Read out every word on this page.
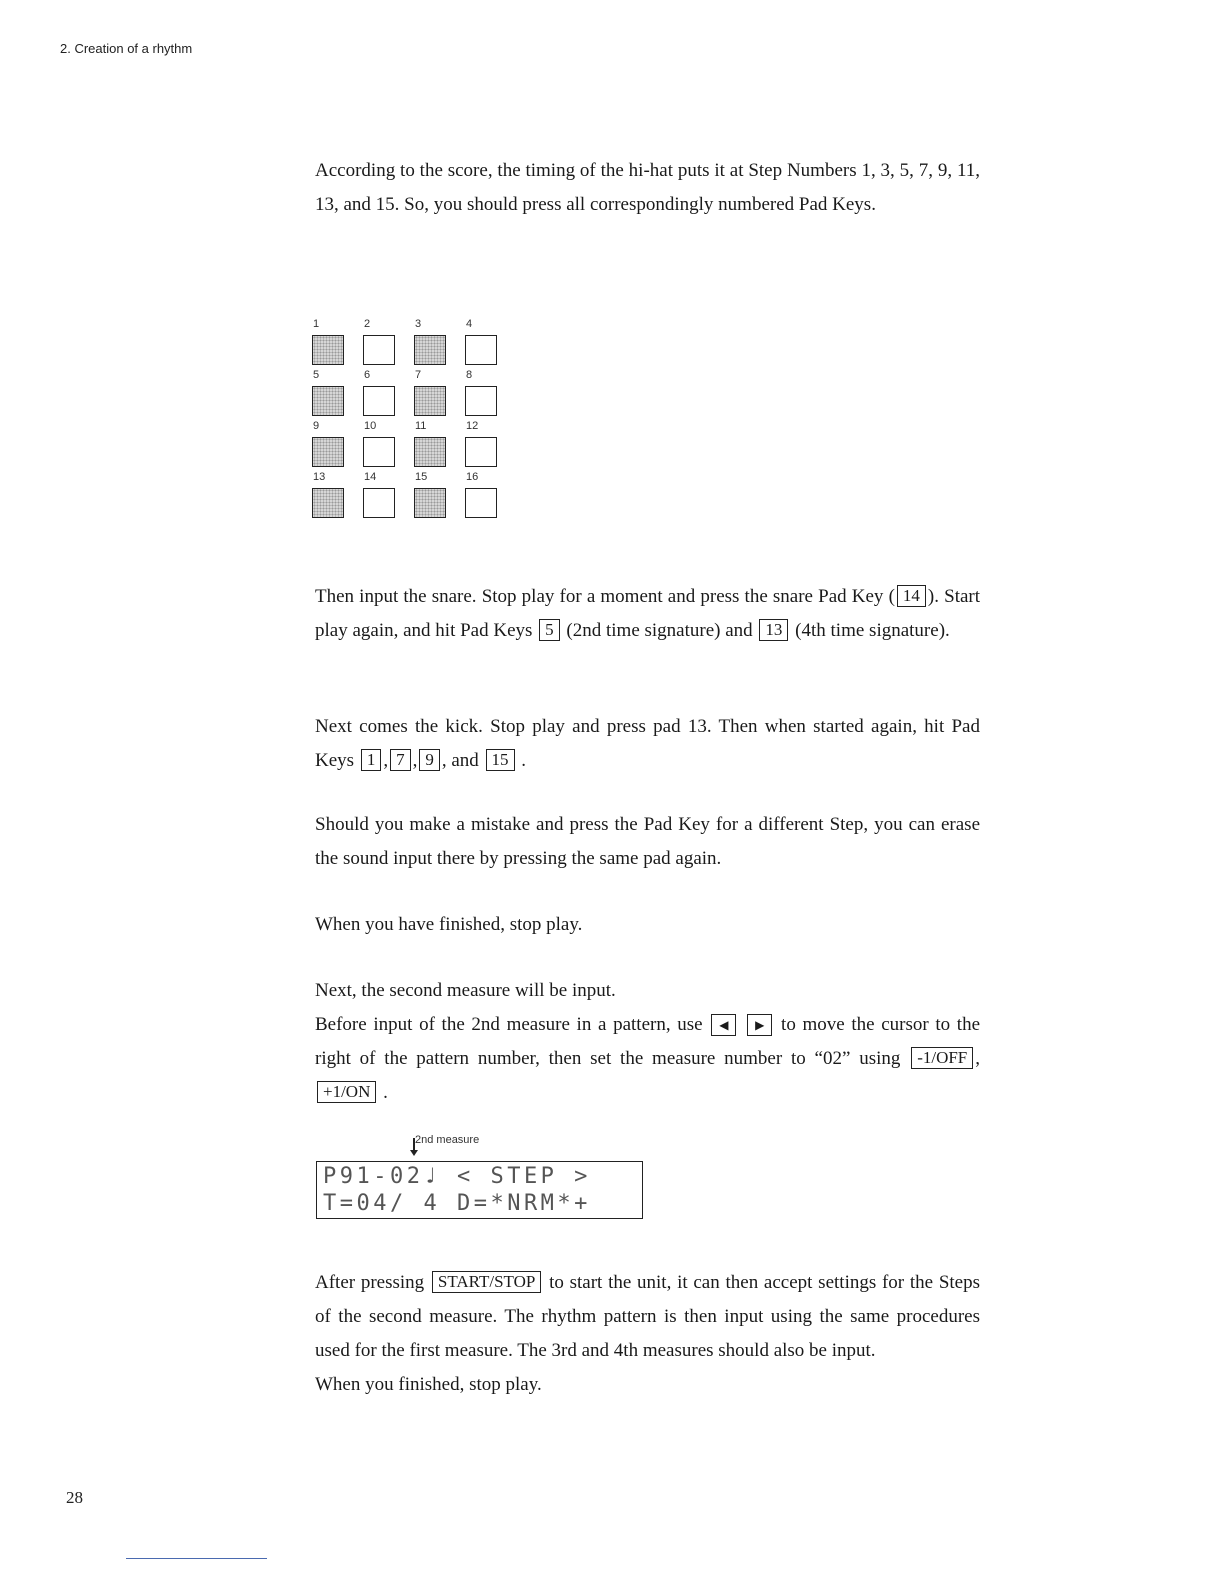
2. Creation of a rhythm

According to the score, the timing of the hi-hat puts it at Step Numbers 1, 3, 5, 7, 9, 11, 13, and 15. So, you should press all correspondingly numbered Pad Keys.

1	2	3	4
5	6	7	8
9	10	11	12
13	14	15	16

Then input the snare. Stop play for a moment and press the snare Pad Key ( 14 ). Start play again, and hit Pad Keys 5 (2nd time signature) and 13 (4th time signature).

Next comes the kick. Stop play and press pad 13. Then when started again, hit Pad Keys 1 , 7 , 9 , and 15 .

Should you make a mistake and press the Pad Key for a different Step, you can erase the sound input there by pressing the same pad again.

When you have finished, stop play.

Next, the second measure will be input.
Before input of the 2nd measure in a pattern, use ◀ ▶ to move the cursor to the right of the pattern number, then set the measure number to “02” using -1/OFF ,+1/ON .
2nd measure
P91-02♩ < STEP >
T=04/ 4 D=*NRM*+
After pressing START/STOP to start the unit, it can then accept settings for the Steps of the second measure. The rhythm pattern is then input using the same procedures used for the first measure. The 3rd and 4th measures should also be input.
When you finished, stop play.
28
